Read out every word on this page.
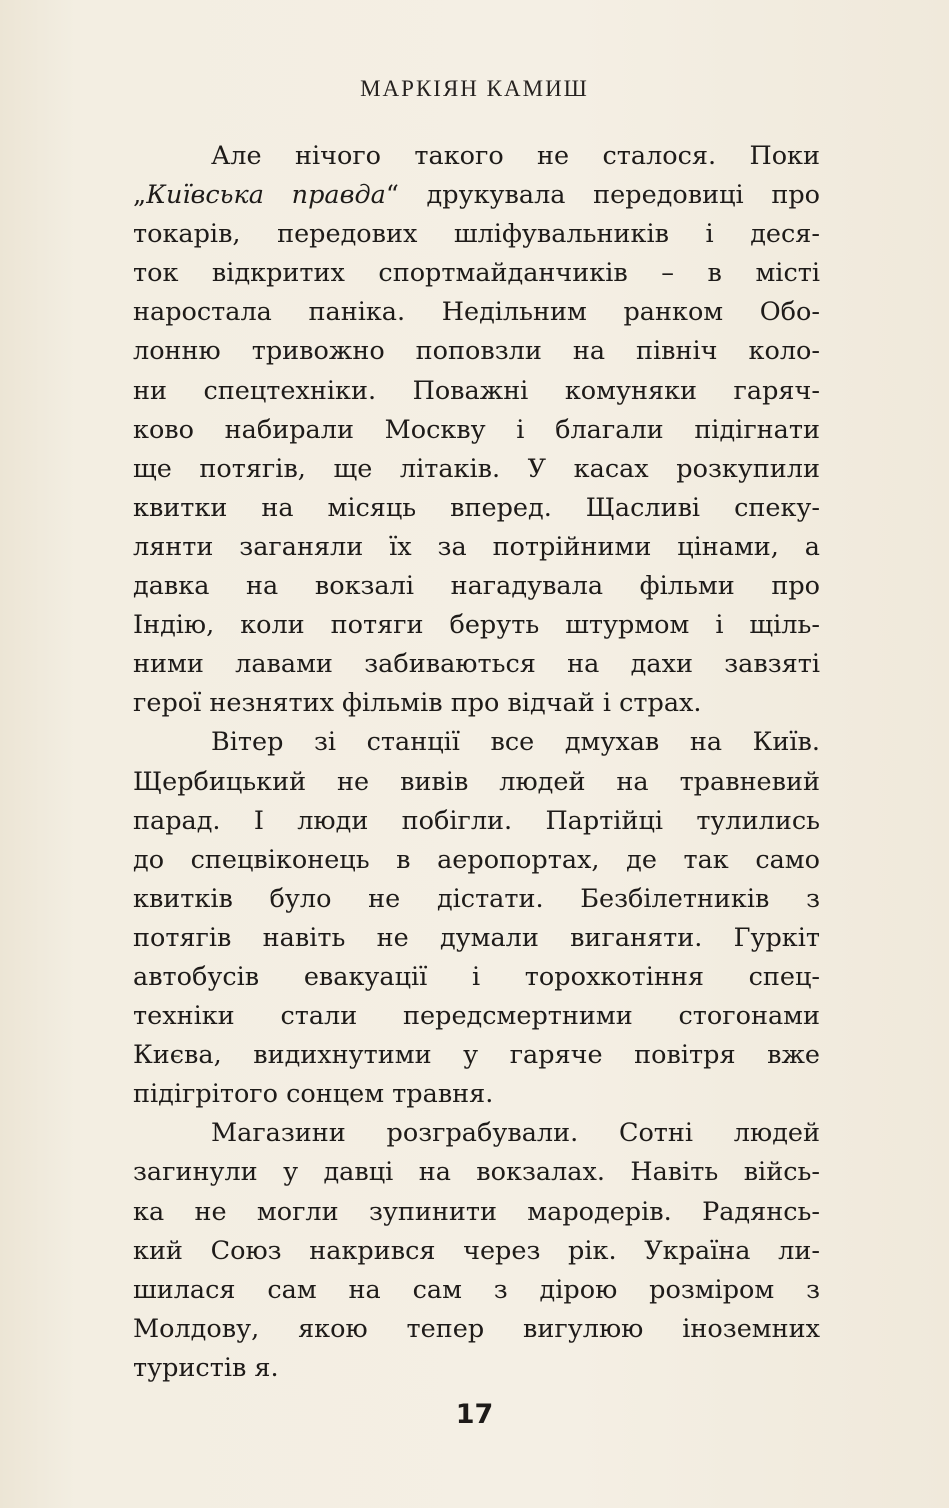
МАРКІЯН КАМИШ
Але нічого такого не сталося. Поки
„Київська правда“ друкувала передовиці про
токарів, передових шліфувальників і деся-
ток відкритих спортмайданчиків – в місті
наростала паніка. Недільним ранком Обо-
лонню тривожно поповзли на північ коло-
ни спецтехніки. Поважні комуняки гаряч-
ково набирали Москву і благали підігнати
ще потягів, ще літаків. У касах розкупили
квитки на місяць вперед. Щасливі спеку-
лянти заганяли їх за потрійними цінами, а
давка на вокзалі нагадувала фільми про
Індію, коли потяги беруть штурмом і щіль-
ними лавами забиваються на дахи завзяті
герої незнятих фільмів про відчай і страх.
Вітер зі станції все дмухав на Київ.
Щербицький не вивів людей на травневий
парад. І люди побігли. Партійці тулились
до спецвіконець в аеропортах, де так само
квитків було не дістати. Безбілетників з
потягів навіть не думали виганяти. Гуркіт
автобусів евакуації і торохкотіння спец-
техніки стали передсмертними стогонами
Києва, видихнутими у гаряче повітря вже
підігрітого сонцем травня.
Магазини розграбували. Сотні людей
загинули у давці на вокзалах. Навіть війсь-
ка не могли зупинити мародерів. Радянсь-
кий Союз накрився через рік. Україна ли-
шилася сам на сам з дірою розміром з
Молдову, якою тепер вигулюю іноземних
туристів я.
17
